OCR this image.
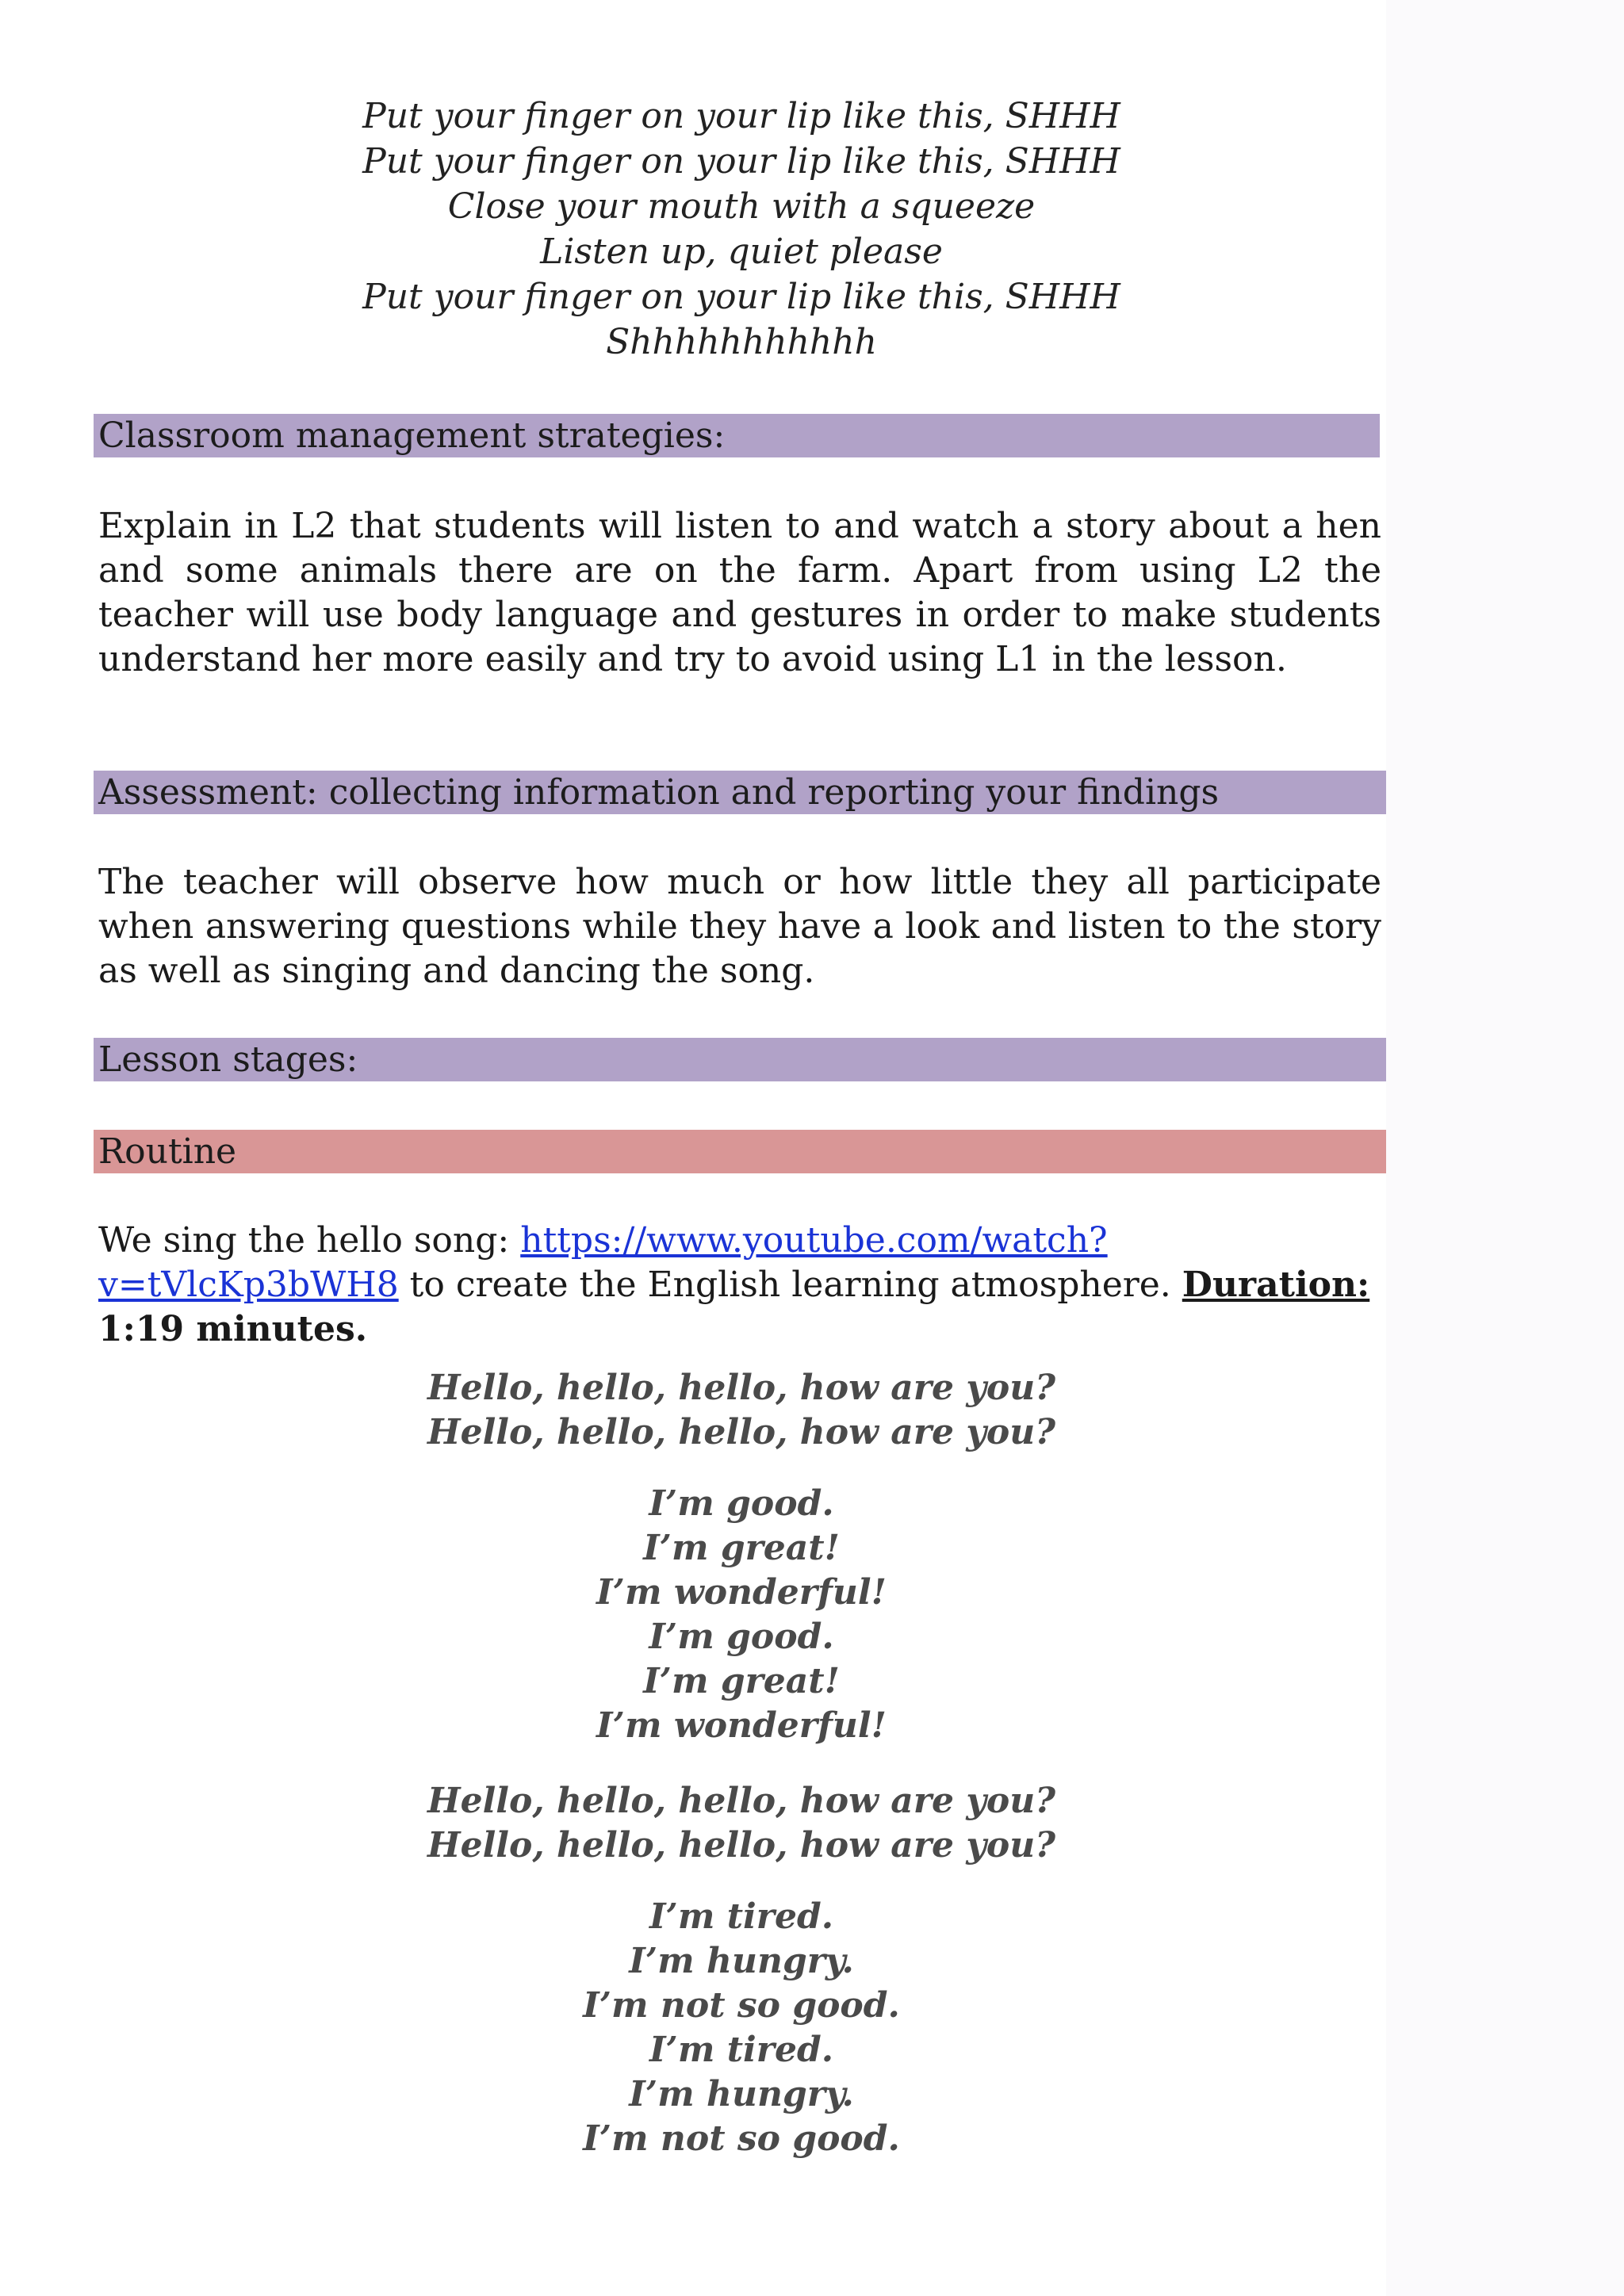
Put your finger on your lip like this, SHHH
Put your finger on your lip like this, SHHH
Close your mouth with a squeeze
Listen up, quiet please
Put your finger on your lip like this, SHHH
Shhhhhhhhhhh
Classroom management strategies:
Explain in L2 that students will listen to and watch a story about a hen and some animals there are on the farm. Apart from using L2 the teacher will use body language and gestures in order to make students understand her more easily and try to avoid using L1 in the lesson.
Assessment: collecting information and reporting your findings
The teacher will observe how much or how little they all participate when answering questions while they have a look and listen to the story as well as singing and dancing the song.
Lesson stages:
Routine
We sing the hello song: https://www.youtube.com/watch?v=tVlcKp3bWH8 to create the English learning atmosphere. Duration: 1:19 minutes.
Hello, hello, hello, how are you?
Hello, hello, hello, how are you?
I’m good.
I’m great!
I’m wonderful!
I’m good.
I’m great!
I’m wonderful!
Hello, hello, hello, how are you?
Hello, hello, hello, how are you?
I’m tired.
I’m hungry.
I’m not so good.
I’m tired.
I’m hungry.
I’m not so good.
